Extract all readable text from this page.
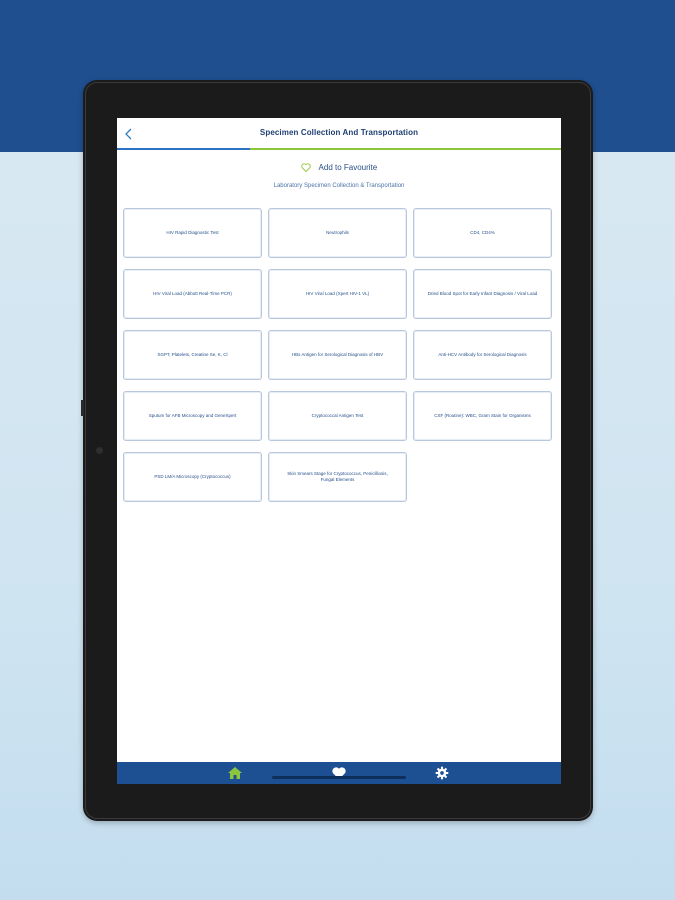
Specimen Collection And Transportation
Add to Favourite
Laboratory Specimen Collection & Transportation
HIV Rapid Diagnostic Test	Neutrophils	CD4, CD4%
HIV Viral Load (Abbott Real-Time PCR)	HIV Viral Load (Xpert HIV-1 VL)	Dried Blood Spot for Early Infant Diagnosis / Viral Load
SGPT, Platelets, Creatine Se, K, Cl	HBs Antigen for Serological Diagnosis of HBV	Anti-HCV Antibody for Serological Diagnosis
Sputum for AFB Microscopy and GeneXpert	Cryptococcal Antigen Test	CSF (Routine): WBC, Gram Stain for Organisms
PSD LM/A Microscopy (Cryptococcus)
Skin Smears Stage for Cryptococcus, Penicilliosis, Fungal Elements
